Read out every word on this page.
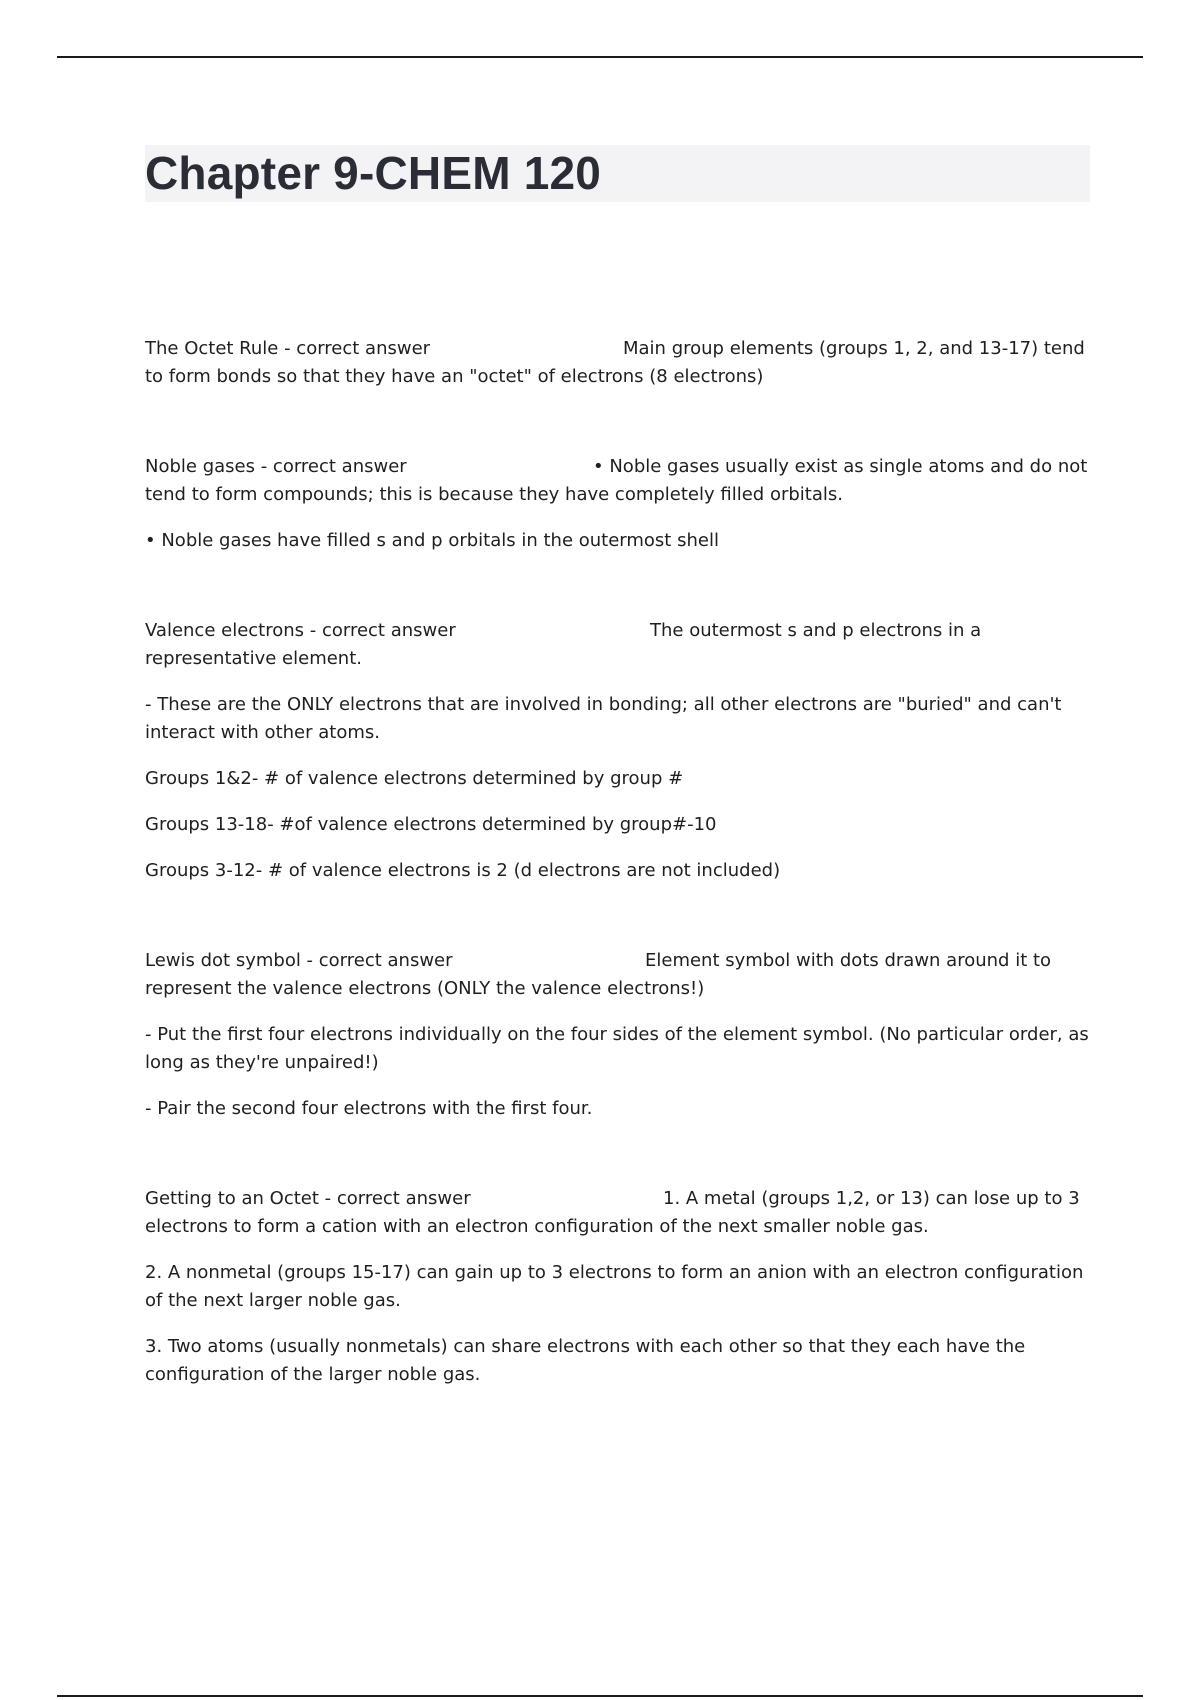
Chapter 9-CHEM 120

The Octet Rule - correct answer	Main group elements (groups 1, 2, and 13-17) tend to form bonds so that they have an "octet" of electrons (8 electrons)

Noble gases - correct answer	• Noble gases usually exist as single atoms and do not tend to form compounds; this is because they have completely filled orbitals.

• Noble gases have filled s and p orbitals in the outermost shell

Valence electrons - correct answer	The outermost s and p electrons in a representative element.

- These are the ONLY electrons that are involved in bonding; all other electrons are "buried" and can't interact with other atoms.

Groups 1&2- # of valence electrons determined by group #

Groups 13-18- #of valence electrons determined by group#-10

Groups 3-12- # of valence electrons is 2 (d electrons are not included)

Lewis dot symbol - correct answer	Element symbol with dots drawn around it to represent the valence electrons (ONLY the valence electrons!)

- Put the first four electrons individually on the four sides of the element symbol. (No particular order, as long as they're unpaired!)

- Pair the second four electrons with the first four.

Getting to an Octet - correct answer	1. A metal (groups 1,2, or 13) can lose up to 3 electrons to form a cation with an electron configuration of the next smaller noble gas.

2. A nonmetal (groups 15-17) can gain up to 3 electrons to form an anion with an electron configuration of the next larger noble gas.

3. Two atoms (usually nonmetals) can share electrons with each other so that they each have the configuration of the larger noble gas.
